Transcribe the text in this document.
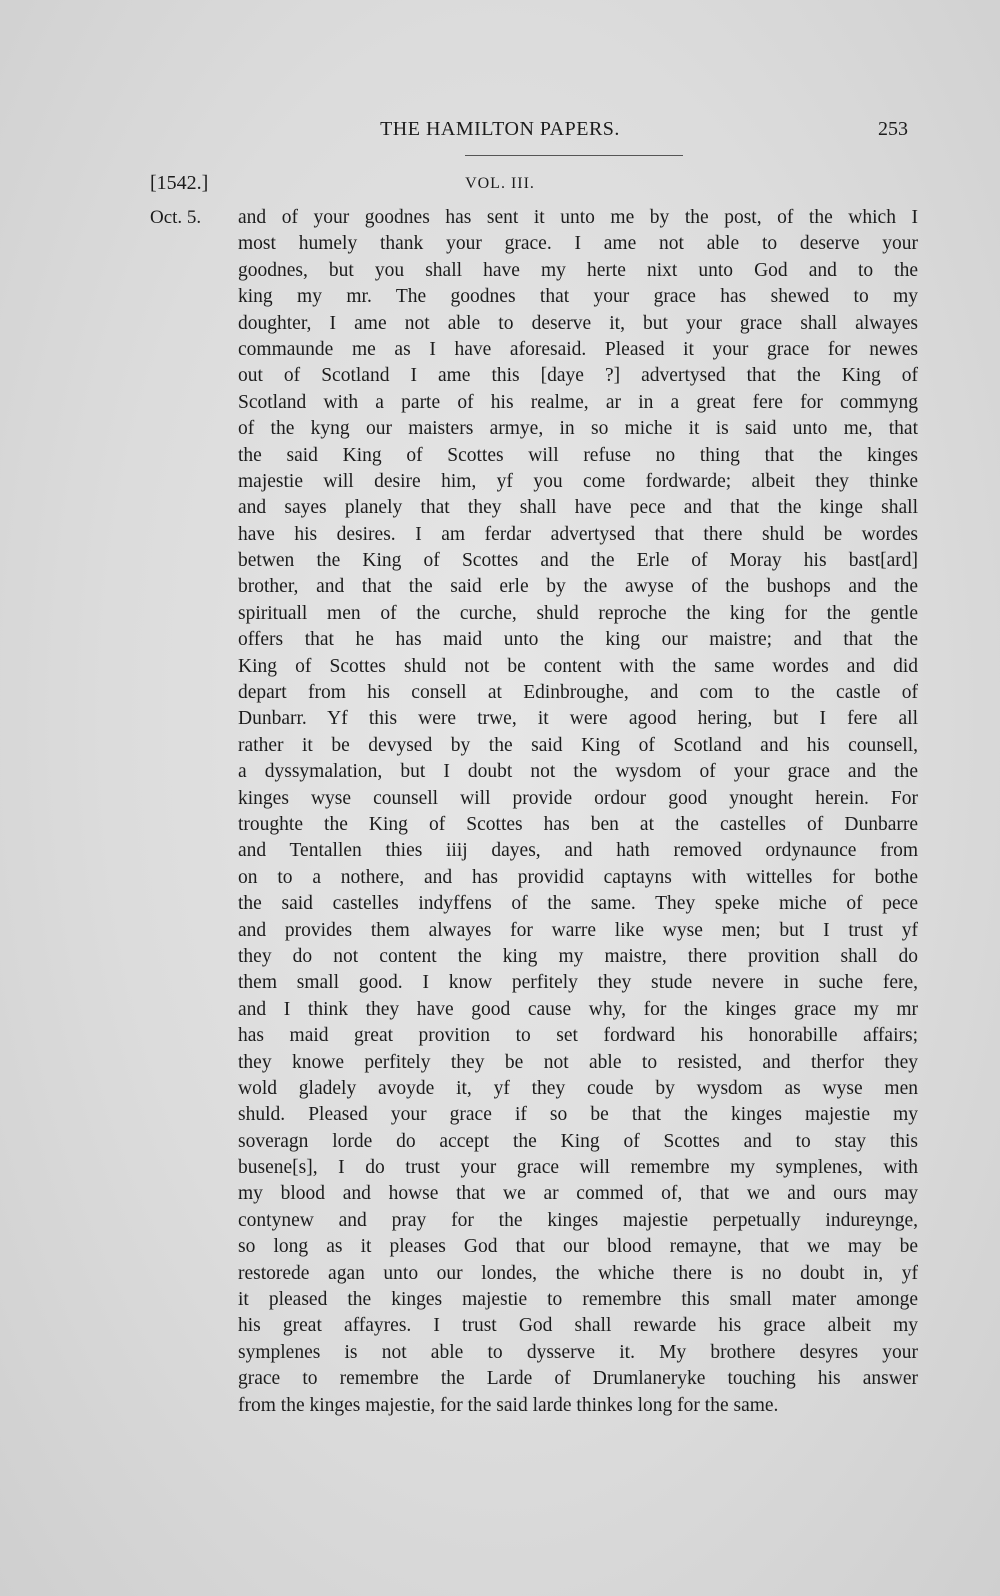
THE HAMILTON PAPERS.	253
[1542.]	VOL. III.
Oct. 5. and of your goodnes has sent it unto me by the post, of the which I
most humely thank your grace. I ame not able to deserve your
goodnes, but you shall have my herte nixt unto God and to the
king my mr. The goodnes that your grace has shewed to my
doughter, I ame not able to deserve it, but your grace shall alwayes
commaunde me as I have aforesaid. Pleased it your grace for newes
out of Scotland I ame this [daye ?] advertysed that the King of
Scotland with a parte of his realme, ar in a great fere for commyng
of the kyng our maisters armye, in so miche it is said unto me, that
the said King of Scottes will refuse no thing that the kinges
majestie will desire him, yf you come fordwarde; albeit they thinke
and sayes planely that they shall have pece and that the kinge shall
have his desires. I am ferdar advertysed that there shuld be wordes
betwen the King of Scottes and the Erle of Moray his bast[ard]
brother, and that the said erle by the awyse of the bushops and the
spirituall men of the curche, shuld reproche the king for the gentle
offers that he has maid unto the king our maistre; and that the
King of Scottes shuld not be content with the same wordes and did
depart from his consell at Edinbroughe, and com to the castle of
Dunbarr. Yf this were trwe, it were agood hering, but I fere all
rather it be devysed by the said King of Scotland and his counsell,
a dyssymalation, but I doubt not the wysdom of your grace and the
kinges wyse counsell will provide ordour good ynought herein. For
troughte the King of Scottes has ben at the castelles of Dunbarre
and Tentallen thies iiij dayes, and hath removed ordynaunce from
on to a nothere, and has providid captayns with wittelles for bothe
the said castelles indyffens of the same. They speke miche of pece
and provides them alwayes for warre like wyse men; but I trust yf
they do not content the king my maistre, there provition shall do
them small good. I know perfitely they stude nevere in suche fere,
and I think they have good cause why, for the kinges grace my mr
has maid great provition to set fordward his honorabille affairs;
they knowe perfitely they be not able to resisted, and therfor they
wold gladely avoyde it, yf they coude by wysdom as wyse men
shuld. Pleased your grace if so be that the kinges majestie my
soveragn lorde do accept the King of Scottes and to stay this
busene[s], I do trust your grace will remembre my symplenes, with
my blood and howse that we ar commed of, that we and ours may
contynew and pray for the kinges majestie perpetually indureynge,
so long as it pleases God that our blood remayne, that we may be
restorede agan unto our londes, the whiche there is no doubt in, yf
it pleased the kinges majestie to remembre this small mater amonge
his great affayres. I trust God shall rewarde his grace albeit my
symplenes is not able to dysserve it. My brothere desyres your
grace to remembre the Larde of Drumlaneryke touching his answer
from the kinges majestie, for the said larde thinkes long for the same.
